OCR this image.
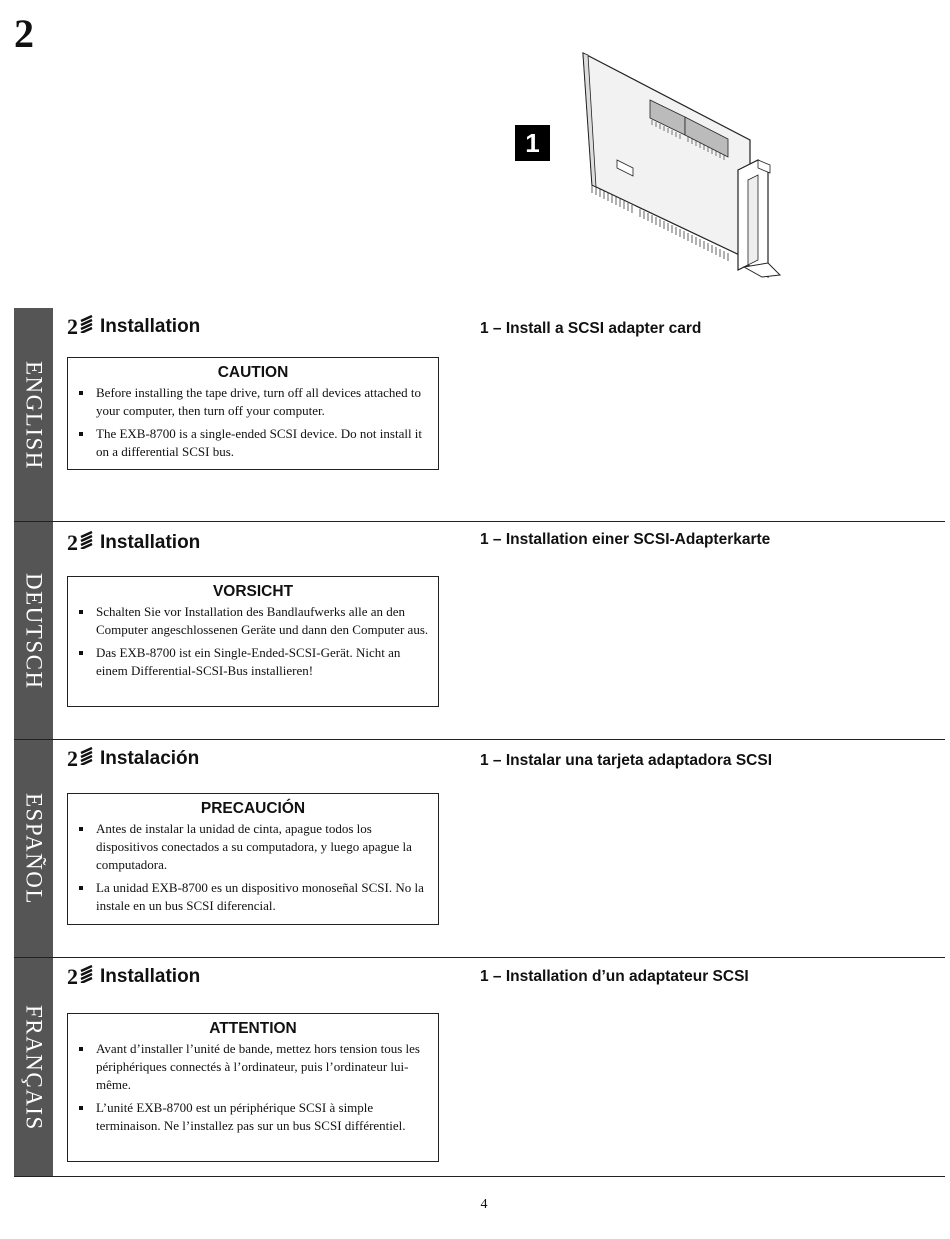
2
1
ENGLISH
2 Installation	1 – Install a SCSI adapter card
CAUTION
Before installing the tape drive, turn off all devices attached to your computer, then turn off your computer.
The EXB-8700 is a single-ended SCSI device. Do not install it on a differential SCSI bus.
DEUTSCH
2 Installation	1 – Installation einer SCSI-Adapterkarte
VORSICHT
Schalten Sie vor Installation des Bandlaufwerks alle an den Computer angeschlossenen Geräte und dann den Computer aus.
Das EXB-8700 ist ein Single-Ended-SCSI-Gerät. Nicht an einem Differential-SCSI-Bus installieren!
ESPAÑOL
2 Instalación	1 – Instalar una tarjeta adaptadora SCSI
PRECAUCIÓN
Antes de instalar la unidad de cinta, apague todos los dispositivos conectados a su computadora, y luego apague la computadora.
La unidad EXB-8700 es un dispositivo monoseñal SCSI. No la instale en un bus SCSI diferencial.
FRANÇAIS
2 Installation	1 – Installation d’un adaptateur SCSI
ATTENTION
Avant d’installer l’unité de bande, mettez hors tension tous les périphériques connectés à l’ordinateur, puis l’ordinateur lui-même.
L’unité EXB-8700 est un périphérique SCSI à simple terminaison. Ne l’installez pas sur un bus SCSI différentiel.
4
